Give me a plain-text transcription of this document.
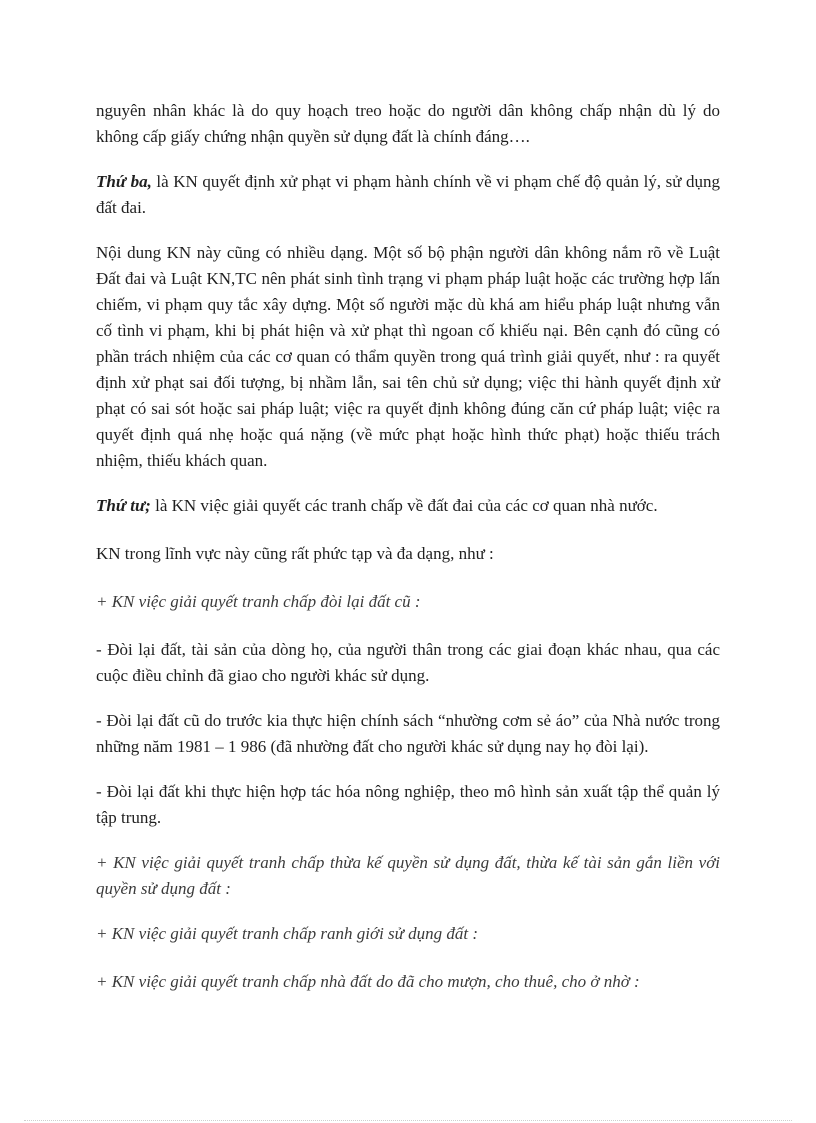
nguyên nhân khác là do quy hoạch treo hoặc do người dân không chấp nhận dù lý do không cấp giấy chứng nhận quyền sử dụng đất là chính đáng….

Thứ ba, là KN quyết định xử phạt vi phạm hành chính về vi phạm chế độ quản lý, sử dụng đất đai.

Nội dung KN này cũng có nhiều dạng. Một số bộ phận người dân không nắm rõ về Luật Đất đai và Luật KN,TC nên phát sinh tình trạng vi phạm pháp luật hoặc các trường hợp lấn chiếm, vi phạm quy tắc xây dựng. Một số người mặc dù khá am hiểu pháp luật nhưng vẫn cố tình vi phạm, khi bị phát hiện và xử phạt thì ngoan cố khiếu nại. Bên cạnh đó cũng có phần trách nhiệm của các cơ quan có thẩm quyền trong quá trình giải quyết, như : ra quyết định xử phạt sai đối tượng, bị nhầm lẫn, sai tên chủ sử dụng; việc thi hành quyết định xử phạt có sai sót hoặc sai pháp luật; việc ra quyết định không đúng căn cứ pháp luật; việc ra quyết định quá nhẹ hoặc quá nặng (về mức phạt hoặc hình thức phạt) hoặc thiếu trách nhiệm, thiếu khách quan.

Thứ tư; là KN việc giải quyết các tranh chấp về đất đai của các cơ quan nhà nước.

KN trong lĩnh vực này cũng rất phức tạp và đa dạng, như :

+ KN việc giải quyết tranh chấp đòi lại đất cũ :

- Đòi lại đất, tài sản của dòng họ, của người thân trong các giai đoạn khác nhau, qua các cuộc điều chỉnh đã giao cho người khác sử dụng.

- Đòi lại đất cũ do trước kia thực hiện chính sách “nhường cơm sẻ áo” của Nhà nước trong những năm 1981 – 1 986 (đã nhường đất cho người khác sử dụng nay họ đòi lại).

- Đòi lại đất khi thực hiện hợp tác hóa nông nghiệp, theo mô hình sản xuất tập thể quản lý tập trung.

+ KN việc giải quyết tranh chấp thừa kế quyền sử dụng đất, thừa kế tài sản gắn liền với quyền sử dụng đất :

+ KN việc giải quyết tranh chấp ranh giới sử dụng đất :

+ KN việc giải quyết tranh chấp nhà đất do đã cho mượn, cho thuê, cho ở nhờ :
